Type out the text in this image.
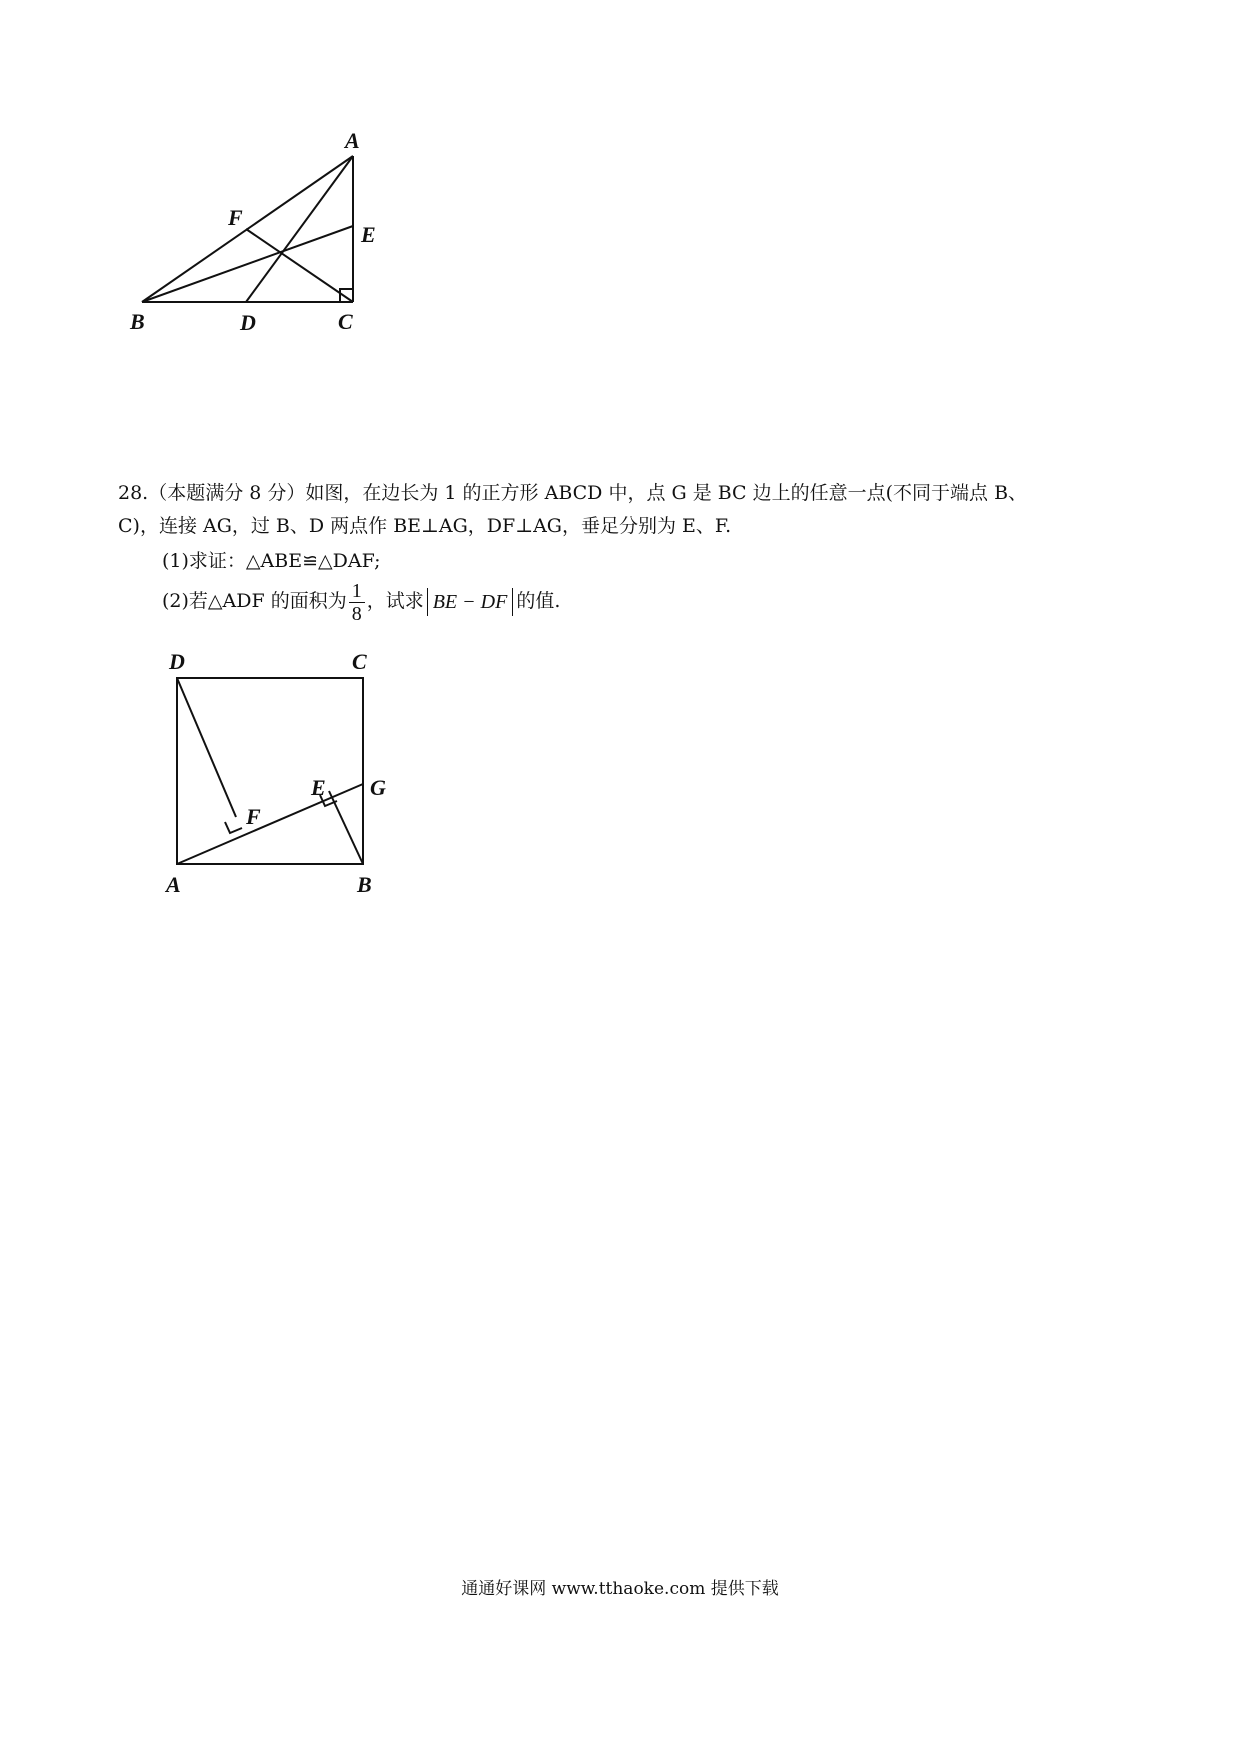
A
B	C
D
E
F
28.（本题满分 8 分）如图，在边长为 1 的正方形 ABCD 中，点 G 是 BC 边上的任意一点(不同于端点 B、
C)，连接 AG，过 B、D 两点作 BE⊥AG，DF⊥AG，垂足分别为 E、F.
(1)求证：△ABE≌△DAF;
(2)若△ADF 的面积为 $\frac{1}{8}$ ，试求 BE − DF 的值.
D	C
A	B
E
F
G
通通好课网 www.tthaoke.com 提供下载
